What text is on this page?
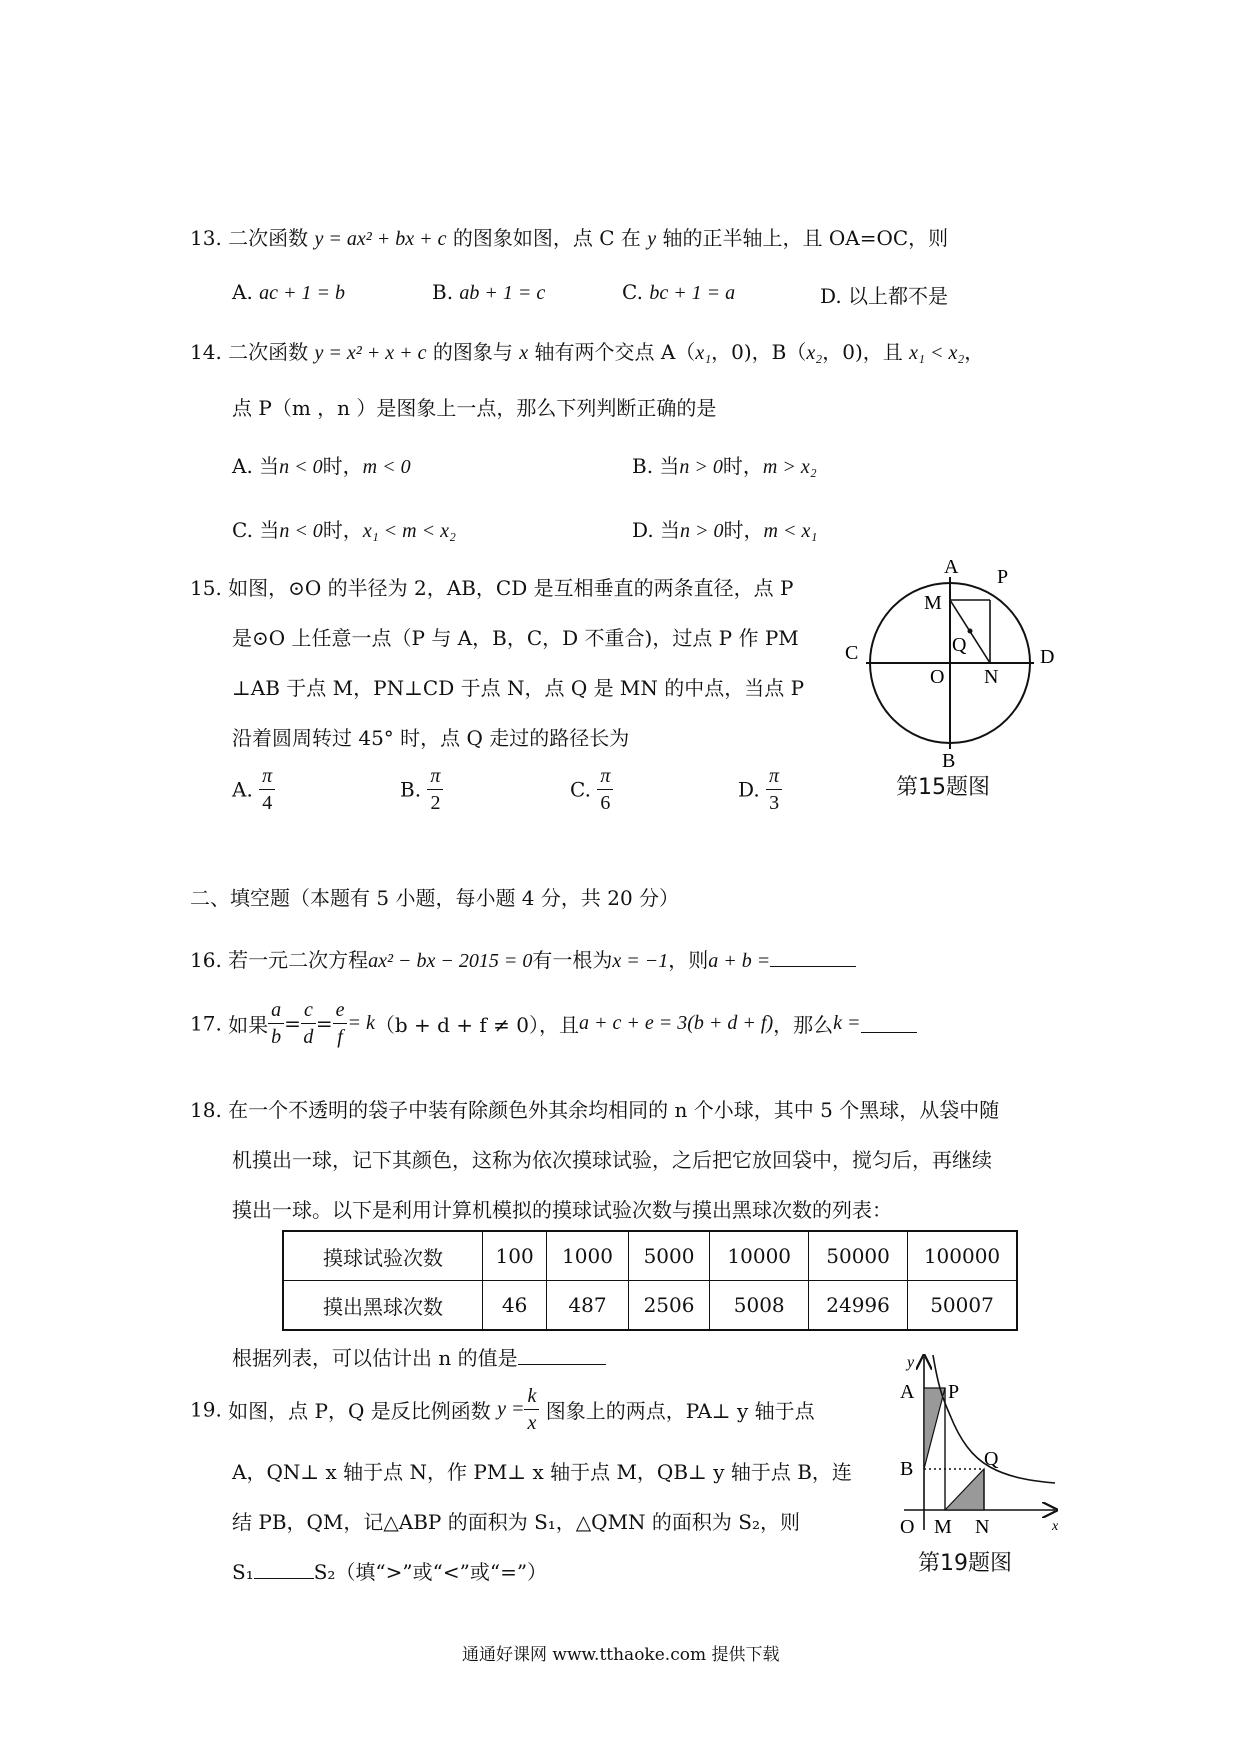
13. 二次函数 y = ax² + bx + c 的图象如图，点 C 在 y 轴的正半轴上，且 OA=OC，则
A. ac + 1 = b	B. ab + 1 = c	C. bc + 1 = a	D. 以上都不是
14. 二次函数 y = x² + x + c 的图象与 x 轴有两个交点 A（x₁，0)，B（x₂，0)，且 x₁ < x₂，
点 P（m ，n ）是图象上一点，那么下列判断正确的是
A. 当n < 0时，m < 0	B. 当n > 0时，m > x₂
C. 当n < 0时，x₁ < m < x₂	D. 当n > 0时，m < x₁
15. 如图，⊙O 的半径为 2，AB，CD 是互相垂直的两条直径，点 P
是⊙O 上任意一点（P 与 A，B，C，D 不重合)，过点 P 作 PM
⊥AB 于点 M，PN⊥CD 于点 N，点 Q 是 MN 的中点，当点 P
沿着圆周转过 45° 时，点 Q 走过的路径长为
A. $\frac{\pi}{4}$	B. $\frac{\pi}{2}$	C. $\frac{\pi}{6}$	D. $\frac{\pi}{3}$
A P
M
Q
C	D
O N
B
第15题图
二、填空题（本题有 5 小题，每小题 4 分，共 20 分）
16. 若一元二次方程ax² − bx − 2015 = 0有一根为x = −1，则a + b =
17. 如果 $\frac{a}{b} = \frac{c}{d} = \frac{e}{f} = k(b + d + f \ne 0)$，且a + c + e = 3(b + d + f)，那么k =
18. 在一个不透明的袋子中装有除颜色外其余均相同的 n 个小球，其中 5 个黑球，从袋中随
机摸出一球，记下其颜色，这称为依次摸球试验，之后把它放回袋中，搅匀后，再继续
摸出一球。以下是利用计算机模拟的摸球试验次数与摸出黑球次数的列表：
摸球试验次数	100	1000	5000	10000	50000	100000
摸出黑球次数	46	487	2506	5008	24996	50007
根据列表，可以估计出 n 的值是
19. 如图，点 P，Q 是反比例函数 $y = \frac{k}{x}$ 图象上的两点，PA⊥ y 轴于点
A，QN⊥ x 轴于点 N，作 PM⊥ x 轴于点 M，QB⊥ y 轴于点 B，连
结 PB，QM，记△ABP 的面积为 S₁，△QMN 的面积为 S₂，则
S₁	S₂（填“>”或“<”或“=”）
y
x
A P
B	Q
O M N
第19题图
通通好课网 www.tthaoke.com 提供下载
